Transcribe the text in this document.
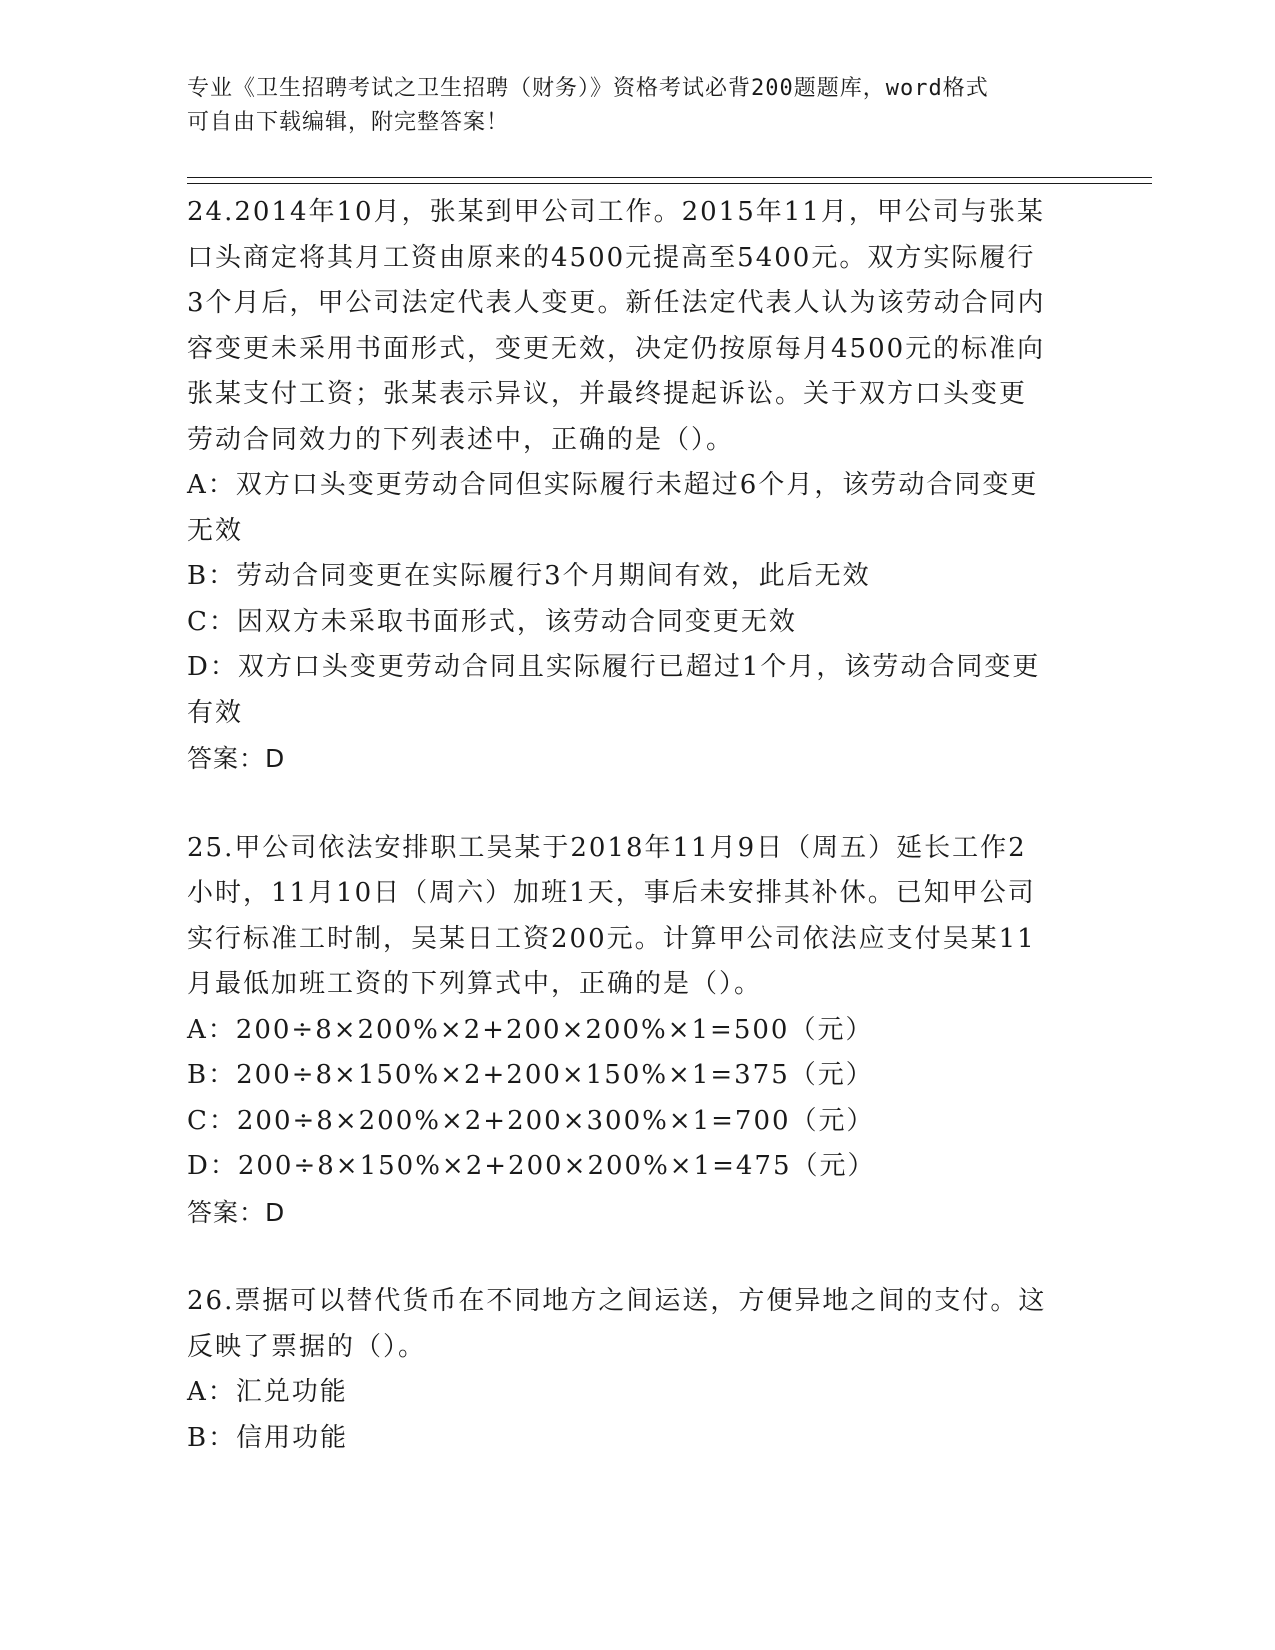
专业《卫生招聘考试之卫生招聘（财务）》资格考试必背200题题库，word格式
可自由下载编辑，附完整答案！
24.2014年10月，张某到甲公司工作。2015年11月，甲公司与张某
口头商定将其月工资由原来的4500元提高至5400元。双方实际履行
3个月后，甲公司法定代表人变更。新任法定代表人认为该劳动合同内
容变更未采用书面形式，变更无效，决定仍按原每月4500元的标准向
张某支付工资；张某表示异议，并最终提起诉讼。关于双方口头变更
劳动合同效力的下列表述中，正确的是（）。
A：双方口头变更劳动合同但实际履行未超过6个月，该劳动合同变更
无效
B：劳动合同变更在实际履行3个月期间有效，此后无效
C：因双方未采取书面形式，该劳动合同变更无效
D：双方口头变更劳动合同且实际履行已超过1个月，该劳动合同变更
有效
答案：D
25.甲公司依法安排职工吴某于2018年11月9日（周五）延长工作2
小时，11月10日（周六）加班1天，事后未安排其补休。已知甲公司
实行标准工时制，吴某日工资200元。计算甲公司依法应支付吴某11
月最低加班工资的下列算式中，正确的是（）。
A：200÷8×200%×2+200×200%×1=500（元）
B：200÷8×150%×2+200×150%×1=375（元）
C：200÷8×200%×2+200×300%×1=700（元）
D：200÷8×150%×2+200×200%×1=475（元）
答案：D
26.票据可以替代货币在不同地方之间运送，方便异地之间的支付。这
反映了票据的（）。
A：汇兑功能
B：信用功能
